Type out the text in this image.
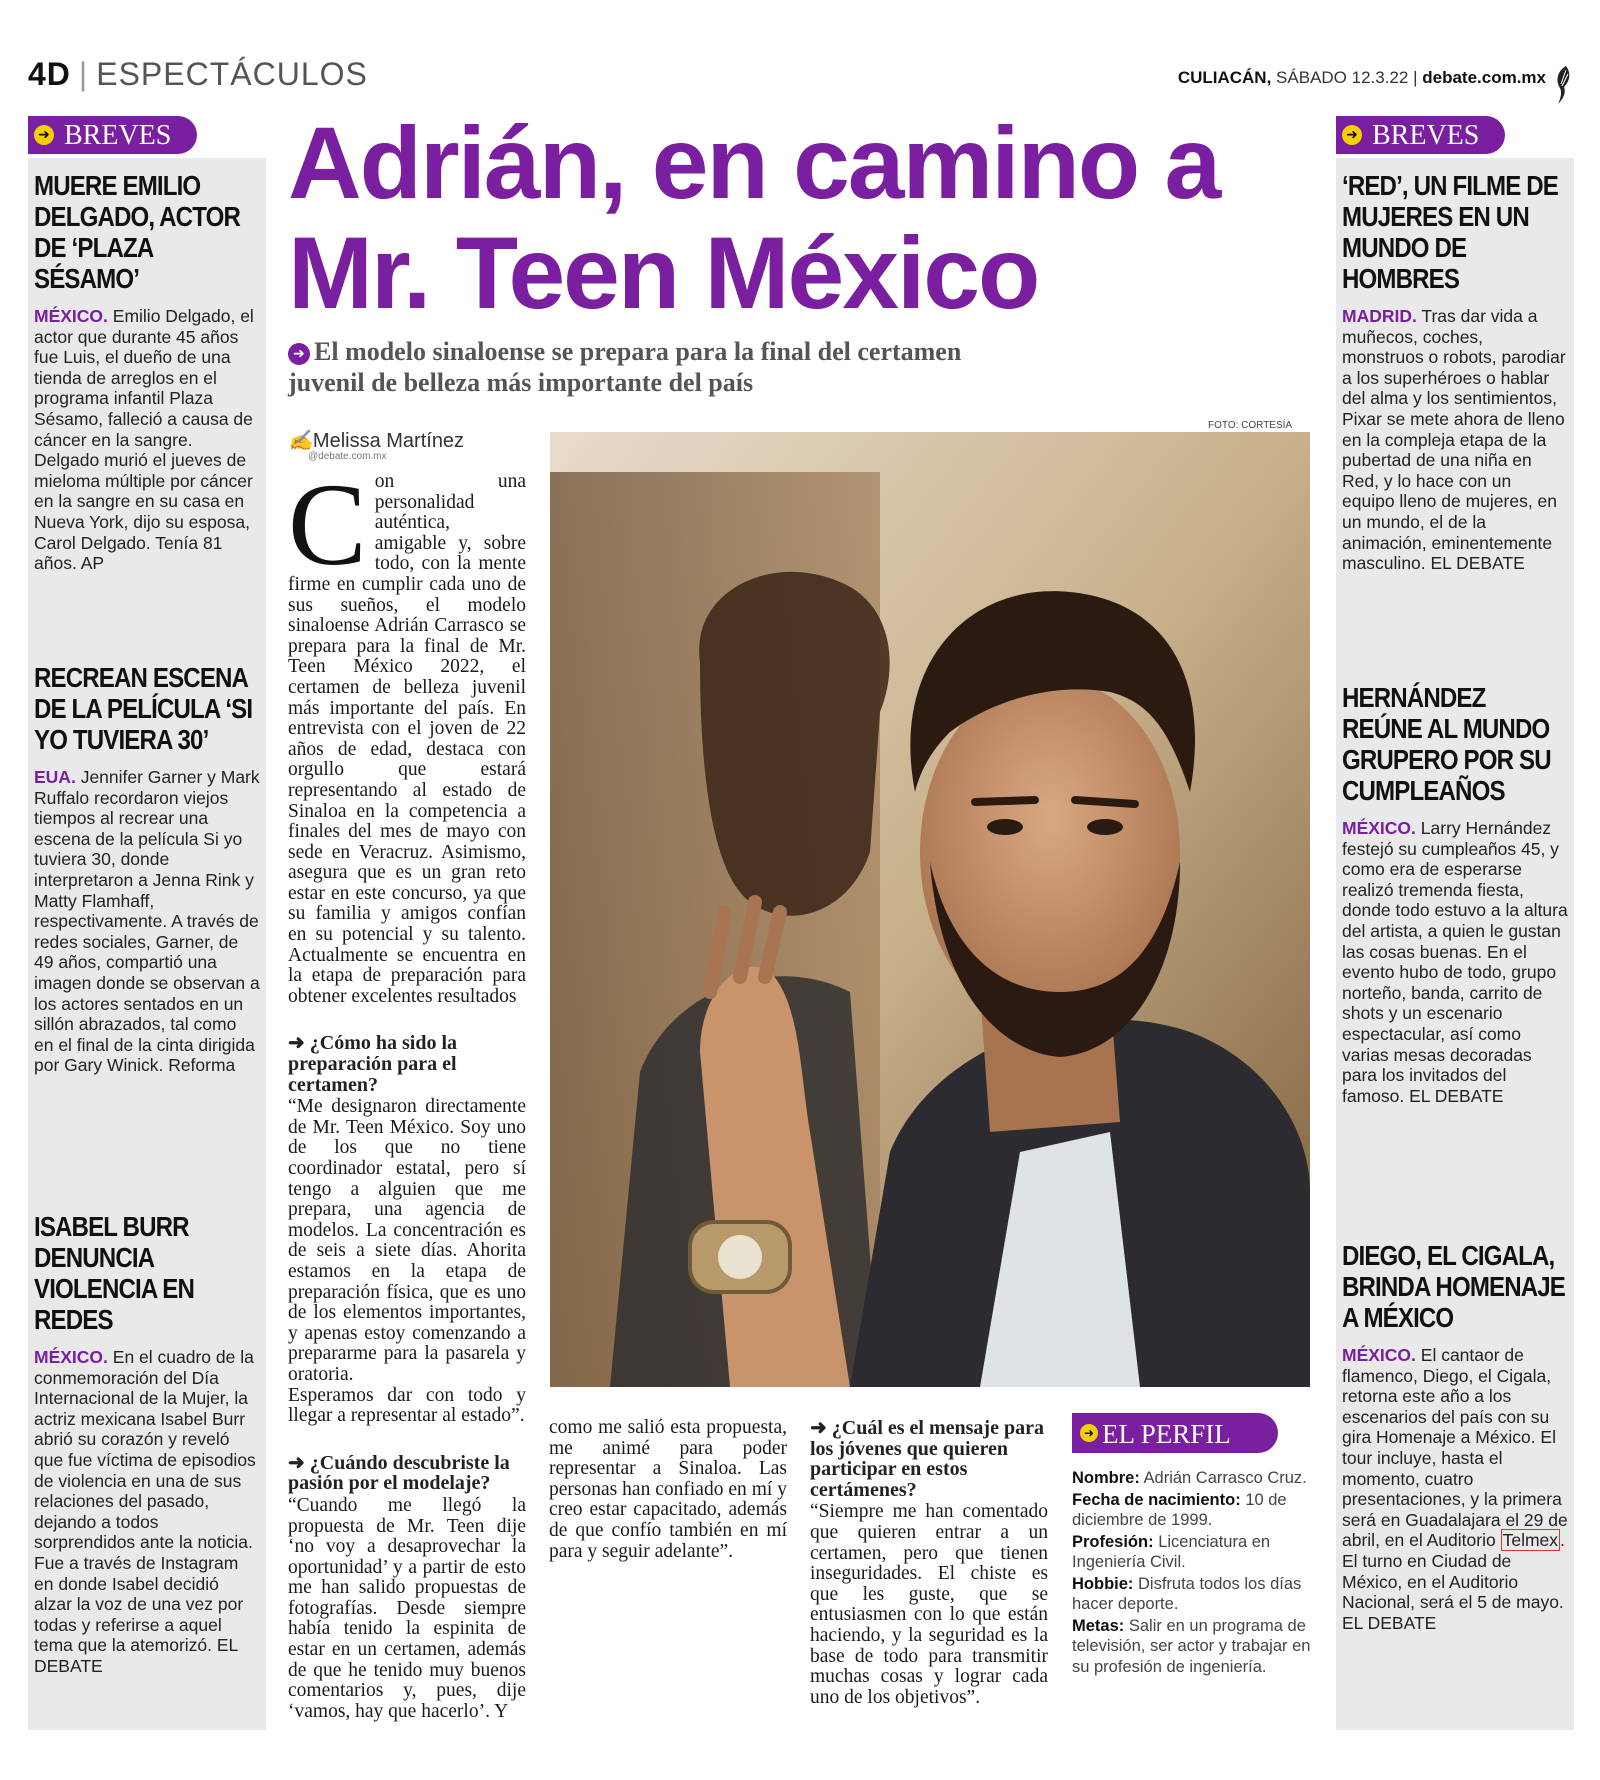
4D | ESPECTÁCULOS	CULIACÁN, SÁBADO 12.3.22 | debate.com.mx
➜ BREVES
MUERE EMILIO DELGADO, ACTOR DE ‘PLAZA SÉSAMO’
MÉXICO. Emilio Delgado, el actor que durante 45 años fue Luis, el dueño de una tienda de arreglos en el programa infantil Plaza Sésamo, falleció a causa de cáncer en la sangre. Delgado murió el jueves de mieloma múltiple por cáncer en la sangre en su casa en Nueva York, dijo su esposa, Carol Delgado. Tenía 81 años. AP
RECREAN ESCENA DE LA PELÍCULA ‘SI YO TUVIERA 30’
EUA. Jennifer Garner y Mark Ruffalo recordaron viejos tiempos al recrear una escena de la película Si yo tuviera 30, donde interpretaron a Jenna Rink y Matty Flamhaff, respectivamente. A través de redes sociales, Garner, de 49 años, compartió una imagen donde se observan a los actores sentados en un sillón abrazados, tal como en el final de la cinta dirigida por Gary Winick. Reforma
ISABEL BURR DENUNCIA VIOLENCIA EN REDES
MÉXICO. En el cuadro de la conmemoración del Día Internacional de la Mujer, la actriz mexicana Isabel Burr abrió su corazón y reveló que fue víctima de episodios de violencia en una de sus relaciones del pasado, dejando a todos sorprendidos ante la noticia. Fue a través de Instagram en donde Isabel decidió alzar la voz de una vez por todas y referirse a aquel tema que la atemorizó. EL DEBATE
➜ BREVES
‘RED’, UN FILME DE MUJERES EN UN MUNDO DE HOMBRES
MADRID. Tras dar vida a muñecos, coches, monstruos o robots, parodiar a los superhéroes o hablar del alma y los sentimientos, Pixar se mete ahora de lleno en la compleja etapa de la pubertad de una niña en Red, y lo hace con un equipo lleno de mujeres, en un mundo, el de la animación, eminentemente masculino. EL DEBATE
HERNÁNDEZ REÚNE AL MUNDO GRUPERO POR SU CUMPLEAÑOS
MÉXICO. Larry Hernández festejó su cumpleaños 45, y como era de esperarse realizó tremenda fiesta, donde todo estuvo a la altura del artista, a quien le gustan las cosas buenas. En el evento hubo de todo, grupo norteño, banda, carrito de shots y un escenario espectacular, así como varias mesas decoradas para los invitados del famoso. EL DEBATE
DIEGO, EL CIGALA, BRINDA HOMENAJE A MÉXICO
MÉXICO. El cantaor de flamenco, Diego, el Cigala, retorna este año a los escenarios del país con su gira Homenaje a México. El tour incluye, hasta el momento, cuatro presentaciones, y la primera será en Guadalajara el 29 de abril, en el Auditorio Telmex . El turno en Ciudad de México, en el Auditorio Nacional, será el 5 de mayo. EL DEBATE
Adrián, en camino a Mr. Teen México
➜ El modelo sinaloense se prepara para la final del certamen juvenil de belleza más importante del país
✍Melissa Martínez
@debate.com.mx
FOTO: CORTESÍA
Con una personalidad auténtica, amigable y, sobre todo, con la mente firme en cumplir cada uno de sus sueños, el modelo sinaloense Adrián Carrasco se prepara para la final de Mr. Teen México 2022, el certamen de belleza juvenil más importante del país. En entrevista con el joven de 22 años de edad, destaca con orgullo que estará representando al estado de Sinaloa en la competencia a finales del mes de mayo con sede en Veracruz. Asimismo, asegura que es un gran reto estar en este concurso, ya que su familia y amigos confían en su potencial y su talento. Actualmente se encuentra en la etapa de preparación para obtener excelentes resultados
➜ ¿Cómo ha sido la preparación para el certamen?
“Me designaron directamente de Mr. Teen México. Soy uno de los que no tiene coordinador estatal, pero sí tengo a alguien que me prepara, una agencia de modelos. La concentración es de seis a siete días. Ahorita estamos en la etapa de preparación física, que es uno de los elementos importantes, y apenas estoy comenzando a prepararme para la pasarela y oratoria.
Esperamos dar con todo y llegar a representar al estado”.
➜ ¿Cuándo descubriste la pasión por el modelaje?
“Cuando me llegó la propuesta de Mr. Teen dije ‘no voy a desaprovechar la oportunidad’ y a partir de esto me han salido propuestas de fotografías. Desde siempre había tenido la espinita de estar en un certamen, además de que he tenido muy buenos comentarios y, pues, dije ‘vamos, hay que hacerlo’. Y
➜ ¿Cuál es el mensaje para los jóvenes que quieren participar en estos certámenes?
“Siempre me han comentado que quieren entrar a un certamen, pero que tienen inseguridades. El chiste es que les guste, que se entusiasmen con lo que están haciendo, y la seguridad es la base de todo para transmitir muchas cosas y lograr cada uno de los objetivos”.
➜ EL PERFIL

Nombre: Adrián Carrasco Cruz.

Fecha de nacimiento: 10 de diciembre de 1999.

Profesión: Licenciatura en Ingeniería Civil.

Hobbie: Disfruta todos los días hacer deporte.

Metas: Salir en un programa de televisión, ser actor y trabajar en su profesión de ingeniería.

como me salió esta propuesta, me animé para poder representar a Sinaloa. Las personas han confiado en mí y creo estar capacitado, además de que confío también en mí para y seguir adelante”.
